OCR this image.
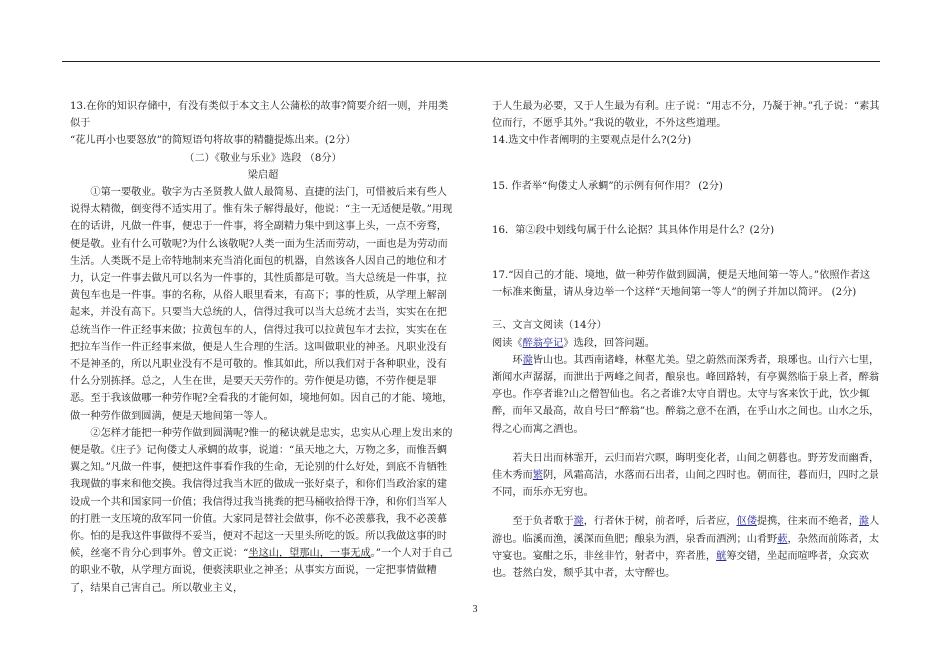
13.在你的知识存储中，有没有类似于本文主人公蒲松的故事?简要介绍一则，并用类似于
“花儿再小也要怒放”的简短语句将故事的精髓提炼出来。(2分）

（二）《敬业与乐业》选段 （8分）

梁启超

①第一要敬业。敬字为古圣贤教人做人最简易、直捷的法门，可惜被后来有些人说得太精微，倒变得不适实用了。惟有朱子解得最好，他说：“主一无适便是敬。”用现在的话讲，凡做一件事，便忠于一件事，将全副精力集中到这事上头，一点不旁骛，便是敬。业有什么可敬呢?为什么该敬呢?人类一面为生活而劳动，一面也是为劳动而生活。人类既不是上帝特地制来充当消化面包的机器，自然该各人因自己的地位和才力，认定一件事去做凡可以名为一件事的，其性质都是可敬。当大总统是一件事，拉黄包车也是一件事。事的名称，从俗人眼里看来，有高下；事的性质，从学理上解剖起来，并没有高下。只要当大总统的人，信得过我可以当大总统才去当，实实在在把总统当作一件正经事来做；拉黄包车的人，信得过我可以拉黄包车才去拉，实实在在把拉车当作一件正经事来做，便是人生合理的生活。这叫做职业的神圣。凡职业没有不是神圣的，所以凡职业没有不是可敬的。惟其如此，所以我们对于各种职业，没有什么分别拣择。总之，人生在世，是要天天劳作的。劳作便是功德，不劳作便是罪恶。至于我该做哪一种劳作呢?全看我的才能何如，境地何如。因自己的才能、境地，做一种劳作做到圆满，便是天地间第一等人。

②怎样才能把一种劳作做到圆满呢?惟一的秘诀就是忠实，忠实从心理上发出来的便是敬。《庄子》记佝偻丈人承蜩的故事，说道：“虽天地之大，万物之多，而惟吾蜩翼之知。”凡做一件事，便把这件事看作我的生命，无论别的什么好处，到底不肯牺牲我现做的事来和他交换。我信得过我当木匠的做成一张好桌子，和你们当政治家的建设成一个共和国家同一价值；我信得过我当挑粪的把马桶收拾得干净，和你们当军人的打胜一支压境的敌军同一价值。大家同是替社会做事，你不必羡慕我，我不必羡慕你。怕的是我这件事做得不妥当，便对不起这一天里头所吃的饭。所以我做这事的时候，丝毫不肯分心到事外。曾文正说：“坐这山，望那山，一事无成。”一个人对于自己的职业不敬，从学理方面说，便亵渎职业之神圣；从事实方面说，一定把事情做糟了，结果自己害自己。所以敬业主义，

于人生最为必要，又于人生最为有利。庄子说：“用志不分，乃凝于神。”孔子说：“素其位而行，不愿乎其外。”我说的敬业，不外这些道理。

14.选文中作者阐明的主要观点是什么?(2分)

15. 作者举“佝偻丈人承蜩”的示例有何作用？ (2分)

16．第②段中划线句属于什么论据？其具体作用是什么？(2分)

17.“因自己的才能、境地，做一种劳作做到圆满，便是天地间第一等人。”依照作者这一标准来衡量，请从身边举一个这样“天地间第一等人”的例子并加以简评。 (2分)

三、文言文阅读（14分）

阅读《醉翁亭记》选段，回答问题。

环滁皆山也。其西南诸峰，林壑尤美。望之蔚然而深秀者，琅琊也。山行六七里，渐闻水声潺潺，而泄出于两峰之间者，酿泉也。峰回路转，有亭翼然临于泉上者，醉翁亭也。作亭者谁?山之僧智仙也。名之者谁?太守自谓也。太守与客来饮于此，饮少辄醉，而年又最高，故自号曰“醉翁”也。醉翁之意不在酒，在乎山水之间也。山水之乐，得之心而寓之酒也。

若夫日出而林霏开，云归而岩穴暝，晦明变化者，山间之朝暮也。野芳发而幽香，佳木秀而繁阴，风霜高洁，水落而石出者，山间之四时也。朝而往，暮而归，四时之景不同，而乐亦无穷也。

至于负者歌于滁，行者休于树，前者呼，后者应，伛偻提携，往来而不绝者，滁人游也。临溪而渔，溪深而鱼肥；酿泉为酒，泉香而酒洌；山肴野蔌，杂然而前陈者，太守宴也。宴酣之乐，非丝非竹，射者中，弈者胜，觥筹交错，坐起而喧哗者，众宾欢也。苍然白发，颓乎其中者，太守醉也。

3
